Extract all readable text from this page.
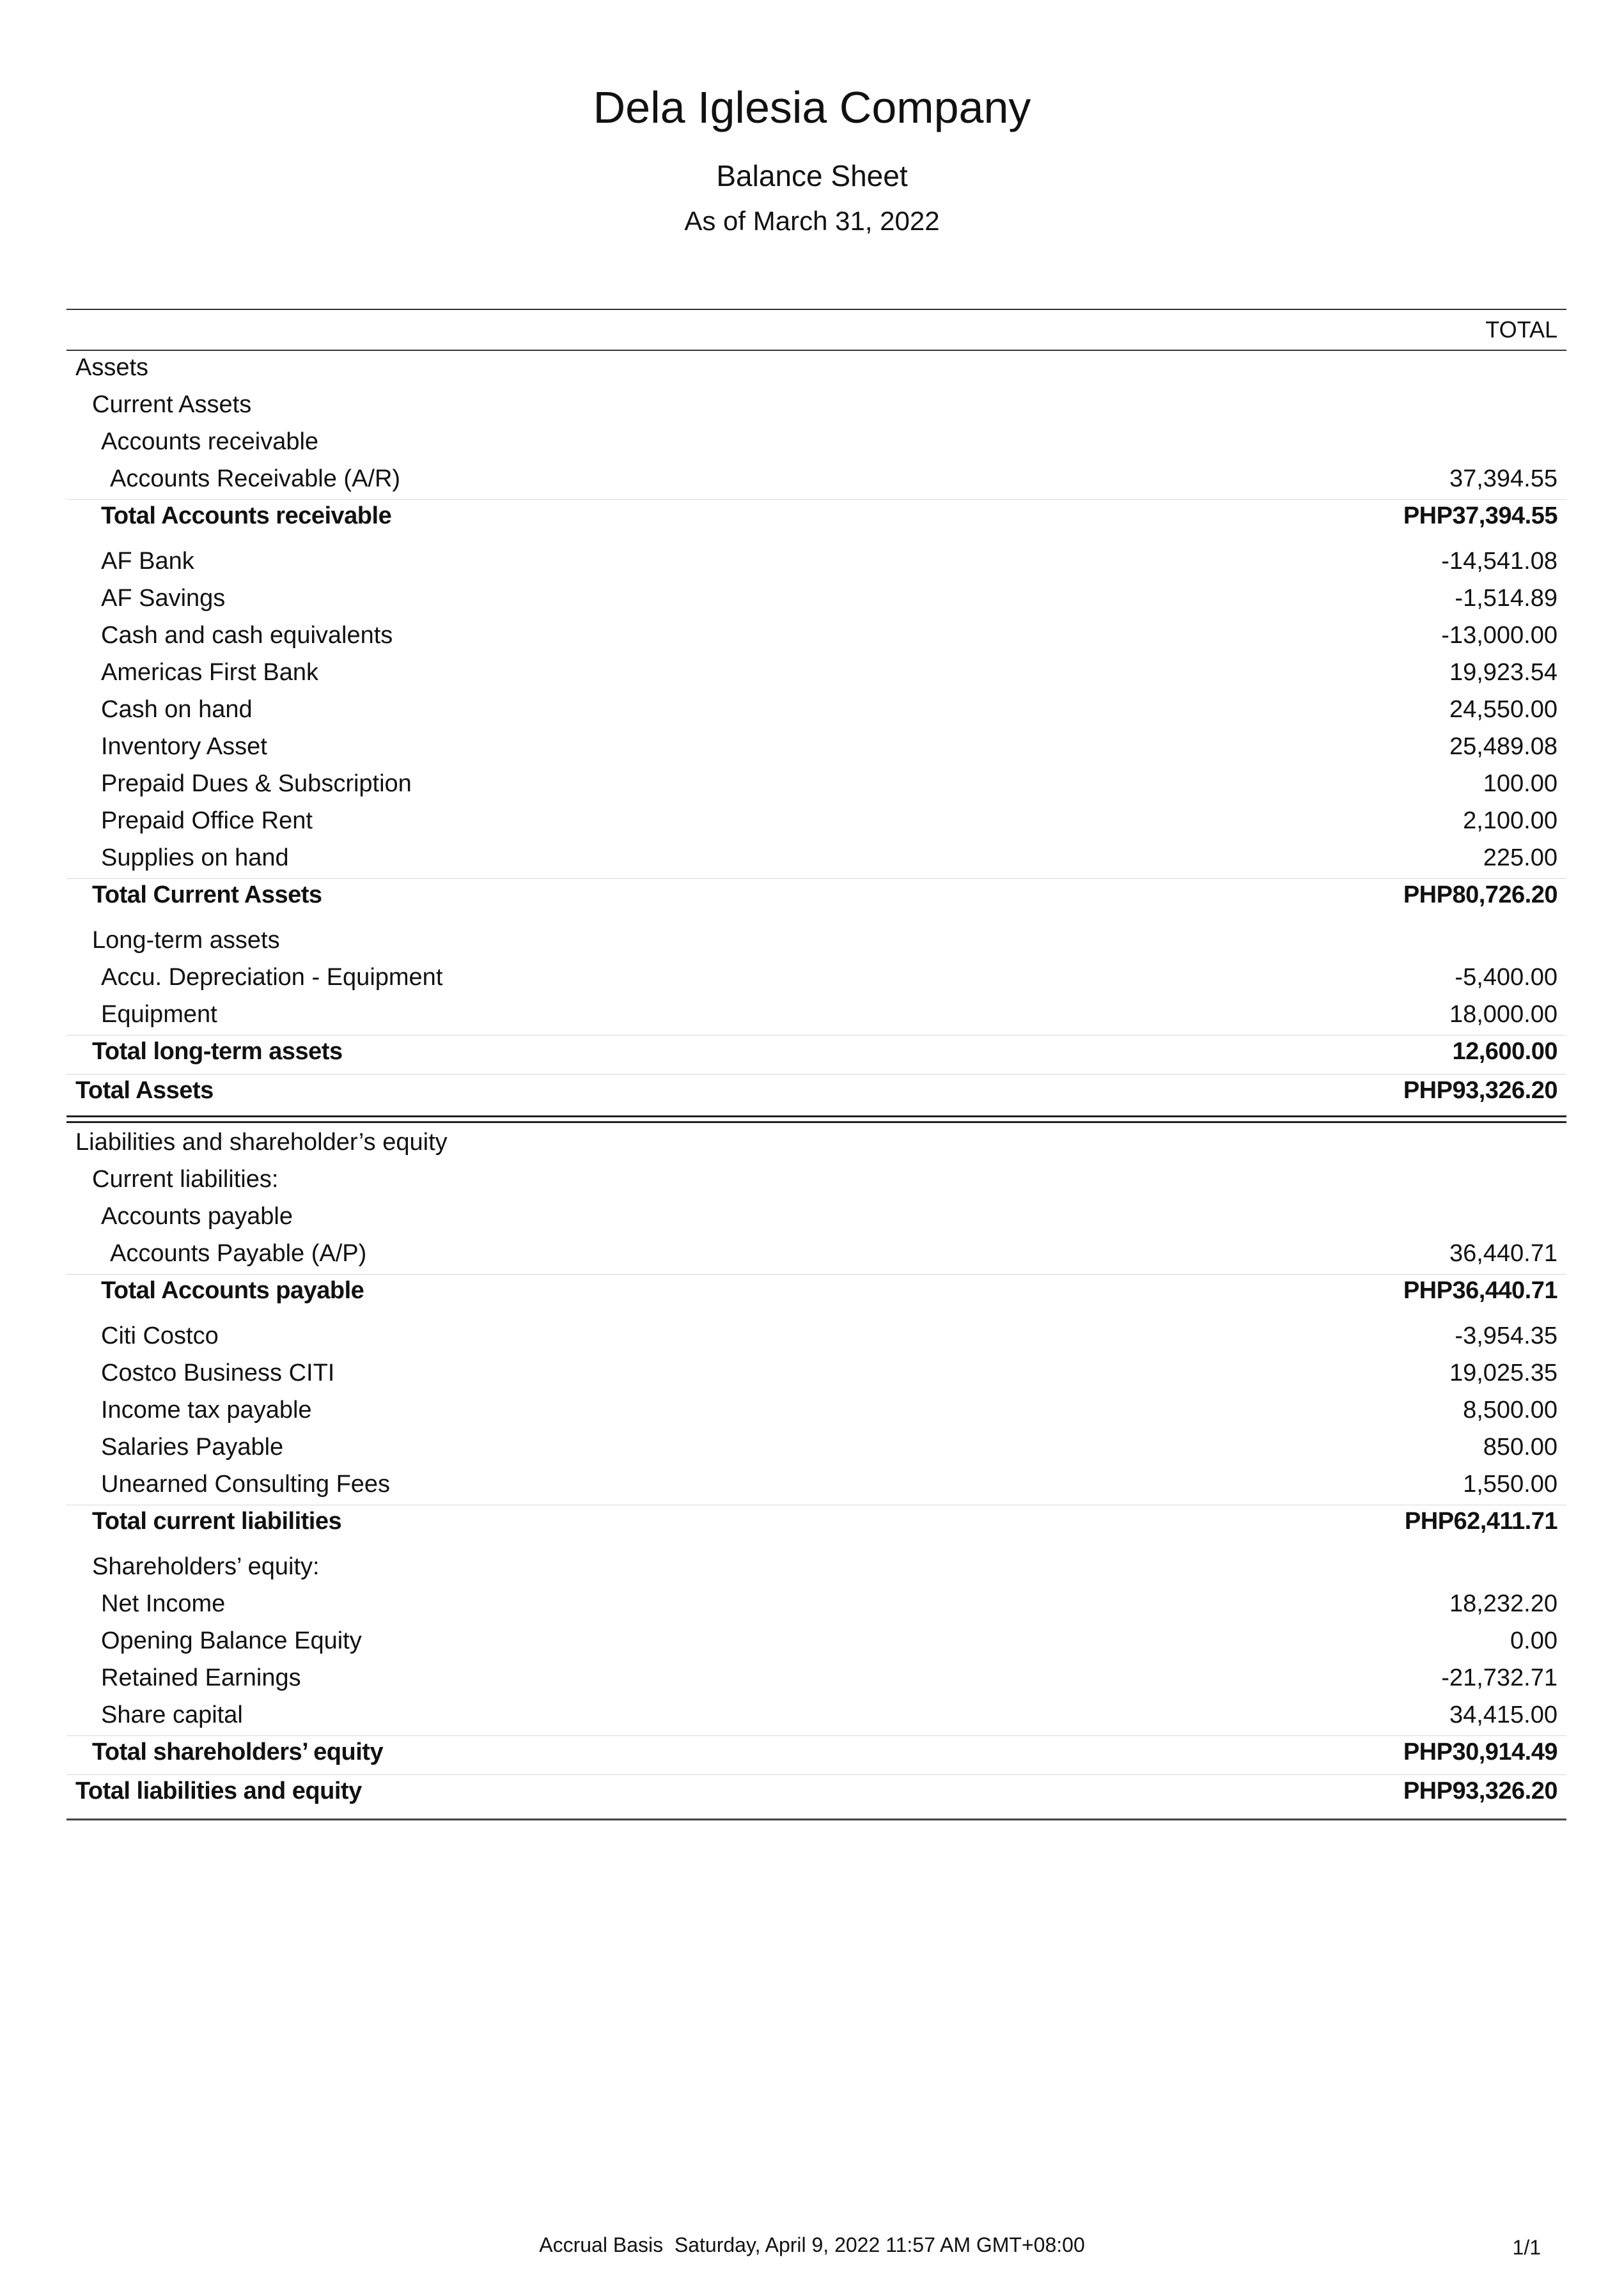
Dela Iglesia Company
Balance Sheet
As of March 31, 2022
TOTAL
Assets
Current Assets
Accounts receivable
Accounts Receivable (A/R)	37,394.55
Total Accounts receivable	PHP37,394.55
AF Bank	-14,541.08
AF Savings	-1,514.89
Cash and cash equivalents	-13,000.00
Americas First Bank	19,923.54
Cash on hand	24,550.00
Inventory Asset	25,489.08
Prepaid Dues & Subscription	100.00
Prepaid Office Rent	2,100.00
Supplies on hand	225.00
Total Current Assets	PHP80,726.20
Long-term assets
Accu. Depreciation - Equipment	-5,400.00
Equipment	18,000.00
Total long-term assets	12,600.00
Total Assets	PHP93,326.20
Liabilities and shareholder’s equity
Current liabilities:
Accounts payable
Accounts Payable (A/P)	36,440.71
Total Accounts payable	PHP36,440.71
Citi Costco	-3,954.35
Costco Business CITI	19,025.35
Income tax payable	8,500.00
Salaries Payable	850.00
Unearned Consulting Fees	1,550.00
Total current liabilities	PHP62,411.71
Shareholders’ equity:
Net Income	18,232.20
Opening Balance Equity	0.00
Retained Earnings	-21,732.71
Share capital	34,415.00
Total shareholders’ equity	PHP30,914.49
Total liabilities and equity	PHP93,326.20
Accrual Basis  Saturday, April 9, 2022 11:57 AM GMT+08:00	1/1
